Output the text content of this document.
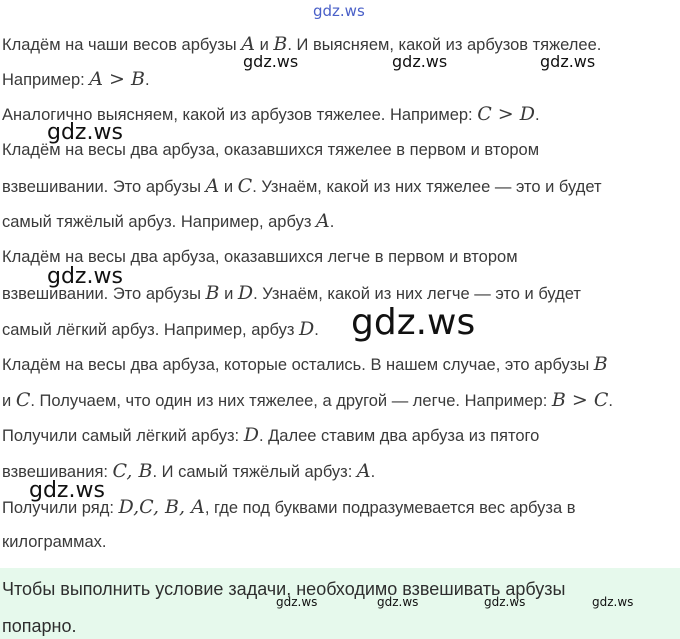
gdz.ws
Кладём на чаши весов арбузы A и B. И выясняем, какой из арбузов тяжелее.
Например: A > B.
Аналогично выясняем, какой из арбузов тяжелее. Например: C > D.
Кладём на весы два арбуза, оказавшихся тяжелее в первом и втором
взвешивании. Это арбузы A и C. Узнаём, какой из них тяжелее — это и будет
самый тяжёлый арбуз. Например, арбуз A.
Кладём на весы два арбуза, оказавшихся легче в первом и втором
взвешивании. Это арбузы B и D. Узнаём, какой из них легче — это и будет
самый лёгкий арбуз. Например, арбуз D.
Кладём на весы два арбуза, которые остались. В нашем случае, это арбузы B
и C. Получаем, что один из них тяжелее, а другой — легче. Например: B > C.
Получили самый лёгкий арбуз: D. Далее ставим два арбуза из пятого
взвешивания: C, B. И самый тяжёлый арбуз: A.
Получили ряд: D,C, B, A, где под буквами подразумевается вес арбуза в
килограммах.
gdz.ws	gdz.ws	gdz.ws
gdz.ws
gdz.ws
gdz.ws
gdz.ws
Чтобы выполнить условие задачи, необходимо взвешивать арбузы
попарно.
gdz.ws	gdz.ws	gdz.ws	gdz.ws
